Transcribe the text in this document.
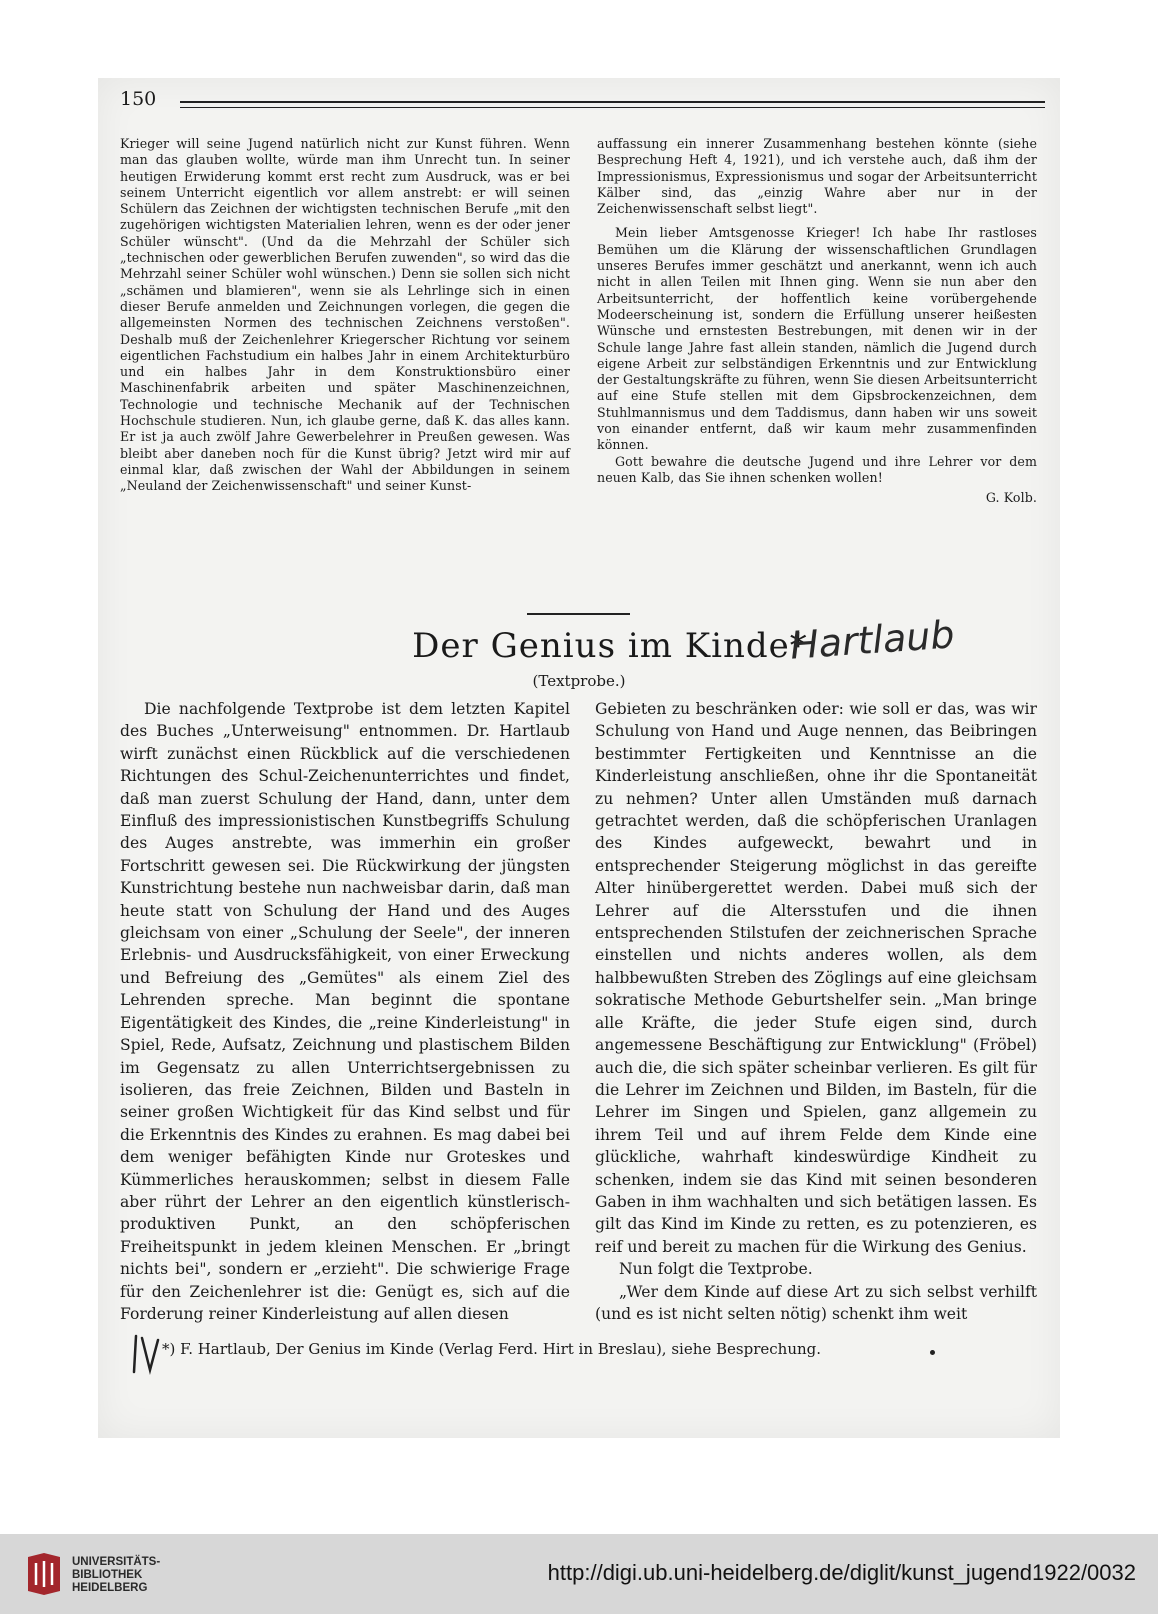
150

Krieger will seine Jugend natürlich nicht zur Kunst führen. Wenn man das glauben wollte, würde man ihm Unrecht tun. In seiner heutigen Erwiderung kommt erst recht zum Ausdruck, was er bei seinem Unterricht eigentlich vor allem anstrebt: er will seinen Schülern das Zeichnen der wichtigsten technischen Berufe „mit den zugehörigen wichtigsten Materialien lehren, wenn es der oder jener Schüler wünscht". (Und da die Mehrzahl der Schüler sich „technischen oder gewerblichen Berufen zuwenden", so wird das die Mehrzahl seiner Schüler wohl wünschen.) Denn sie sollen sich nicht „schämen und blamieren", wenn sie als Lehrlinge sich in einen dieser Berufe anmelden und Zeichnungen vorlegen, die gegen die allgemeinsten Normen des technischen Zeichnens verstoßen". Deshalb muß der Zeichenlehrer Kriegerscher Richtung vor seinem eigentlichen Fachstudium ein halbes Jahr in einem Architekturbüro und ein halbes Jahr in dem Konstruktionsbüro einer Maschinenfabrik arbeiten und später Maschinenzeichnen, Technologie und technische Mechanik auf der Technischen Hochschule studieren. Nun, ich glaube gerne, daß K. das alles kann. Er ist ja auch zwölf Jahre Gewerbelehrer in Preußen gewesen. Was bleibt aber daneben noch für die Kunst übrig? Jetzt wird mir auf einmal klar, daß zwischen der Wahl der Abbildungen in seinem „Neuland der Zeichenwissenschaft" und seiner Kunst-

auffassung ein innerer Zusammenhang bestehen könnte (siehe Besprechung Heft 4, 1921), und ich verstehe auch, daß ihm der Impressionismus, Expressionismus und sogar der Arbeitsunterricht Kälber sind, das „einzig Wahre aber nur in der Zeichenwissenschaft selbst liegt".

Mein lieber Amtsgenosse Krieger! Ich habe Ihr rastloses Bemühen um die Klärung der wissenschaftlichen Grundlagen unseres Berufes immer geschätzt und anerkannt, wenn ich auch nicht in allen Teilen mit Ihnen ging. Wenn sie nun aber den Arbeitsunterricht, der hoffentlich keine vorübergehende Modeerscheinung ist, sondern die Erfüllung unserer heißesten Wünsche und ernstesten Bestrebungen, mit denen wir in der Schule lange Jahre fast allein standen, nämlich die Jugend durch eigene Arbeit zur selbständigen Erkenntnis und zur Entwicklung der Gestaltungskräfte zu führen, wenn Sie diesen Arbeitsunterricht auf eine Stufe stellen mit dem Gipsbrockenzeichnen, dem Stuhlmannismus und dem Taddismus, dann haben wir uns soweit von einander entfernt, daß wir kaum mehr zusammenfinden können.

Gott bewahre die deutsche Jugend und ihre Lehrer vor dem neuen Kalb, das Sie ihnen schenken wollen!

G. Kolb.
Der Genius im Kinde*
Hartlaub
(Textprobe.)

Die nachfolgende Textprobe ist dem letzten Kapitel des Buches „Unterweisung" entnommen. Dr. Hartlaub wirft zunächst einen Rückblick auf die verschiedenen Richtungen des Schul-Zeichenunterrichtes und findet, daß man zuerst Schulung der Hand, dann, unter dem Einfluß des impressionistischen Kunstbegriffs Schulung des Auges anstrebte, was immerhin ein großer Fortschritt gewesen sei. Die Rückwirkung der jüngsten Kunstrichtung bestehe nun nachweisbar darin, daß man heute statt von Schulung der Hand und des Auges gleichsam von einer „Schulung der Seele", der inneren Erlebnis- und Ausdrucksfähigkeit, von einer Erweckung und Befreiung des „Gemütes" als einem Ziel des Lehrenden spreche. Man beginnt die spontane Eigentätigkeit des Kindes, die „reine Kinderleistung" in Spiel, Rede, Aufsatz, Zeichnung und plastischem Bilden im Gegensatz zu allen Unterrichtsergebnissen zu isolieren, das freie Zeichnen, Bilden und Basteln in seiner großen Wichtigkeit für das Kind selbst und für die Erkenntnis des Kindes zu erahnen. Es mag dabei bei dem weniger befähigten Kinde nur Groteskes und Kümmerliches herauskommen; selbst in diesem Falle aber rührt der Lehrer an den eigentlich künstlerisch-produktiven Punkt, an den schöpferischen Freiheitspunkt in jedem kleinen Menschen. Er „bringt nichts bei", sondern er „erzieht". Die schwierige Frage für den Zeichenlehrer ist die: Genügt es, sich auf die Forderung reiner Kinderleistung auf allen diesen

Gebieten zu beschränken oder: wie soll er das, was wir Schulung von Hand und Auge nennen, das Beibringen bestimmter Fertigkeiten und Kenntnisse an die Kinderleistung anschließen, ohne ihr die Spontaneität zu nehmen? Unter allen Umständen muß darnach getrachtet werden, daß die schöpferischen Uranlagen des Kindes aufgeweckt, bewahrt und in entsprechender Steigerung möglichst in das gereifte Alter hinübergerettet werden. Dabei muß sich der Lehrer auf die Altersstufen und die ihnen entsprechenden Stilstufen der zeichnerischen Sprache einstellen und nichts anderes wollen, als dem halbbewußten Streben des Zöglings auf eine gleichsam sokratische Methode Geburtshelfer sein. „Man bringe alle Kräfte, die jeder Stufe eigen sind, durch angemessene Beschäftigung zur Entwicklung" (Fröbel) auch die, die sich später scheinbar verlieren. Es gilt für die Lehrer im Zeichnen und Bilden, im Basteln, für die Lehrer im Singen und Spielen, ganz allgemein zu ihrem Teil und auf ihrem Felde dem Kinde eine glückliche, wahrhaft kindeswürdige Kindheit zu schenken, indem sie das Kind mit seinen besonderen Gaben in ihm wachhalten und sich betätigen lassen. Es gilt das Kind im Kinde zu retten, es zu potenzieren, es reif und bereit zu machen für die Wirkung des Genius.

Nun folgt die Textprobe.

„Wer dem Kinde auf diese Art zu sich selbst verhilft (und es ist nicht selten nötig) schenkt ihm weit

*) F. Hartlaub, Der Genius im Kinde (Verlag Ferd. Hirt in Breslau), siehe Besprechung.
UNIVERSITÄTS-
BIBLIOTHEK
HEIDELBERG
http://digi.ub.uni-heidelberg.de/diglit/kunst_jugend1922/0032
